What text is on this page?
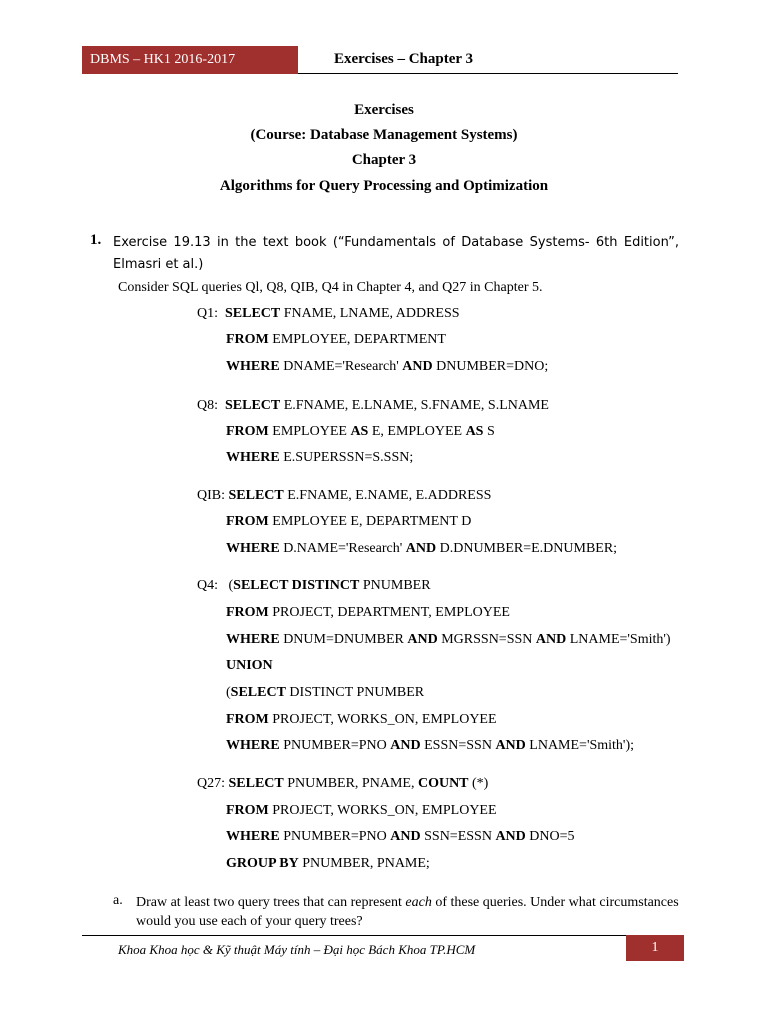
DBMS – HK1 2016-2017	Exercises – Chapter 3
Exercises
(Course: Database Management Systems)
Chapter 3
Algorithms for Query Processing and Optimization
1. Exercise 19.13 in the text book (“Fundamentals of Database Systems- 6th Edition”, Elmasri et al.)
Consider SQL queries Ql, Q8, QIB, Q4 in Chapter 4, and Q27 in Chapter 5.
Q1: SELECT FNAME, LNAME, ADDRESS
FROM EMPLOYEE, DEPARTMENT
WHERE DNAME='Research' AND DNUMBER=DNO;
Q8: SELECT E.FNAME, E.LNAME, S.FNAME, S.LNAME
FROM EMPLOYEE AS E, EMPLOYEE AS S
WHERE E.SUPERSSN=S.SSN;
QIB: SELECT E.FNAME, E.NAME, E.ADDRESS
FROM EMPLOYEE E, DEPARTMENT D
WHERE D.NAME='Research' AND D.DNUMBER=E.DNUMBER;
Q4: (SELECT DISTINCT PNUMBER
FROM PROJECT, DEPARTMENT, EMPLOYEE
WHERE DNUM=DNUMBER AND MGRSSN=SSN AND LNAME='Smith')
UNION
(SELECT DISTINCT PNUMBER
FROM PROJECT, WORKS_ON, EMPLOYEE
WHERE PNUMBER=PNO AND ESSN=SSN AND LNAME='Smith');
Q27: SELECT PNUMBER, PNAME, COUNT (*)
FROM PROJECT, WORKS_ON, EMPLOYEE
WHERE PNUMBER=PNO AND SSN=ESSN AND DNO=5
GROUP BY PNUMBER, PNAME;
a. Draw at least two query trees that can represent each of these queries. Under what circumstances would you use each of your query trees?
Khoa Khoa học & Kỹ thuật Máy tính – Đại học Bách Khoa TP.HCM	1
